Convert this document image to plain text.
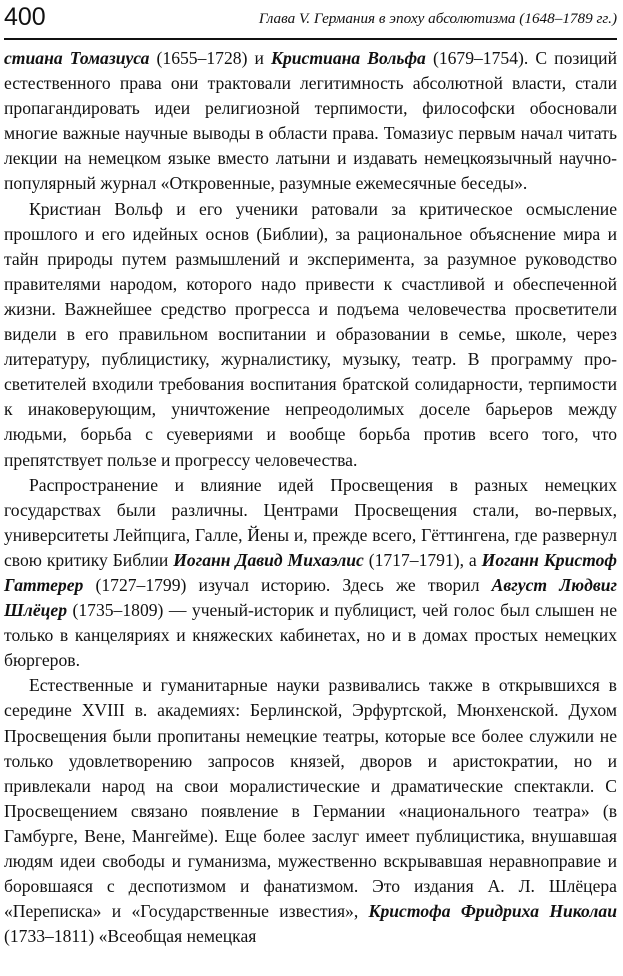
400	Глава V. Германия в эпоху абсолютизма (1648–1789 гг.)

стиана Томазиуса (1655–1728) и Кристиана Вольфа (1679–1754). С позиций естественного права они трактовали легитимность абсолютной власти, стали пропагандировать идеи религиозной терпимости, философски обосновали многие важные научные выводы в области права. Томазиус первым начал читать лекции на немецком языке вместо латыни и издавать немецкоязычный научно-популярный журнал «Откровенные, разумные ежемесячные беседы».

Кристиан Вольф и его ученики ратовали за критическое осмысление прошлого и его идейных основ (Библии), за рациональное объяснение мира и тайн природы путем размышлений и эксперимента, за разумное руководство правителями народом, которого надо привести к счастливой и обеспеченной жизни. Важнейшее средство прогресса и подъема человечества просветители видели в его правильном воспитании и образовании в семье, школе, через литературу, публицистику, журналистику, музыку, театр. В программу просветителей входили требования воспитания братской солидарности, терпимости к инаковерующим, уничтожение непреодолимых доселе барьеров между людьми, борьба с суевериями и вообще борьба против всего того, что препятствует пользе и прогрессу человечества.

Распространение и влияние идей Просвещения в разных немецких государствах были различны. Центрами Просвещения стали, во-первых, университеты Лейпцига, Галле, Йены и, прежде всего, Гёттингена, где развернул свою критику Библии Иоганн Давид Михаэлис (1717–1791), а Иоганн Кристоф Гаттерер (1727–1799) изучал историю. Здесь же творил Август Людвиг Шлёцер (1735–1809) — ученый-историк и публицист, чей голос был слышен не только в канцеляриях и княжеских кабинетах, но и в домах простых немецких бюргеров.

Естественные и гуманитарные науки развивались также в открывшихся в середине XVIII в. академиях: Берлинской, Эрфуртской, Мюнхенской. Духом Просвещения были пропитаны немецкие театры, которые все более служили не только удовлетворению запросов князей, дворов и аристократии, но и привлекали народ на свои моралистические и драматические спектакли. С Просвещением связано появление в Германии «национального театра» (в Гамбурге, Вене, Мангейме). Еще более заслуг имеет публицистика, внушавшая людям идеи свободы и гуманизма, мужественно вскрывавшая неравноправие и боровшаяся с деспотизмом и фанатизмом. Это издания А. Л. Шлёцера «Переписка» и «Государственные известия», Кристофа Фридриха Николаи (1733–1811) «Всеобщая немецкая
